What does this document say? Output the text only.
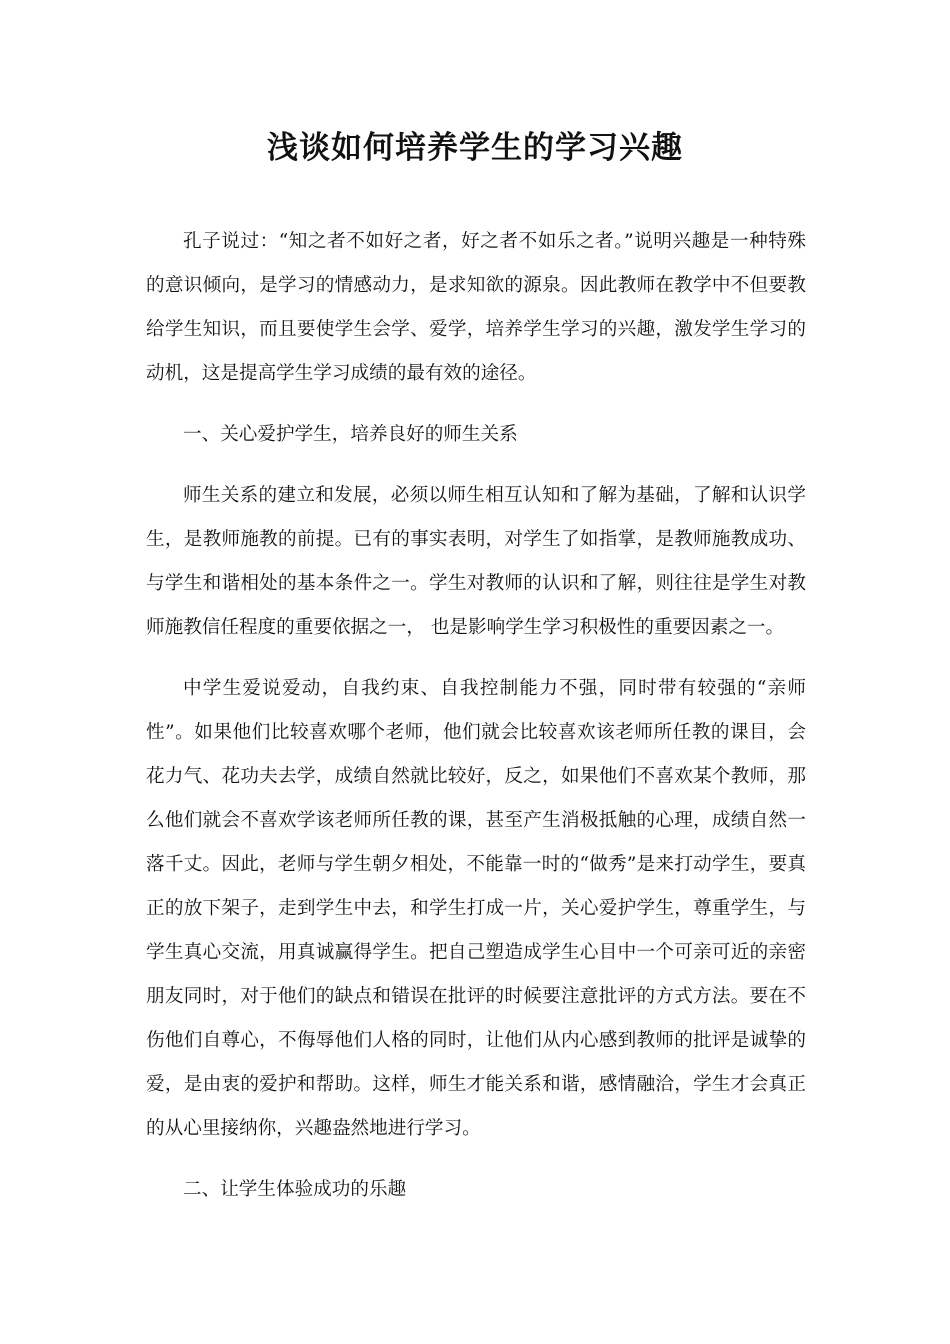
浅谈如何培养学生的学习兴趣

孔子说过：“知之者不如好之者，好之者不如乐之者。”说明兴趣是一种特殊的意识倾向，是学习的情感动力，是求知欲的源泉。因此教师在教学中不但要教给学生知识，而且要使学生会学、爱学，培养学生学习的兴趣，激发学生学习的动机，这是提高学生学习成绩的最有效的途径。

一、关心爱护学生，培养良好的师生关系

师生关系的建立和发展，必须以师生相互认知和了解为基础，了解和认识学生，是教师施教的前提。已有的事实表明，对学生了如指掌，是教师施教成功、与学生和谐相处的基本条件之一。学生对教师的认识和了解，则往往是学生对教师施教信任程度的重要依据之一， 也是影响学生学习积极性的重要因素之一。

中学生爱说爱动，自我约束、自我控制能力不强，同时带有较强的“亲师性”。如果他们比较喜欢哪个老师，他们就会比较喜欢该老师所任教的课目，会花力气、花功夫去学，成绩自然就比较好，反之，如果他们不喜欢某个教师，那么他们就会不喜欢学该老师所任教的课，甚至产生消极抵触的心理，成绩自然一落千丈。因此，老师与学生朝夕相处，不能靠一时的“做秀”是来打动学生，要真正的放下架子，走到学生中去，和学生打成一片，关心爱护学生，尊重学生，与学生真心交流，用真诚赢得学生。把自己塑造成学生心目中一个可亲可近的亲密朋友同时，对于他们的缺点和错误在批评的时候要注意批评的方式方法。要在不伤他们自尊心，不侮辱他们人格的同时，让他们从内心感到教师的批评是诚挚的爱，是由衷的爱护和帮助。这样，师生才能关系和谐，感情融洽，学生才会真正的从心里接纳你，兴趣盎然地进行学习。

二、让学生体验成功的乐趣
